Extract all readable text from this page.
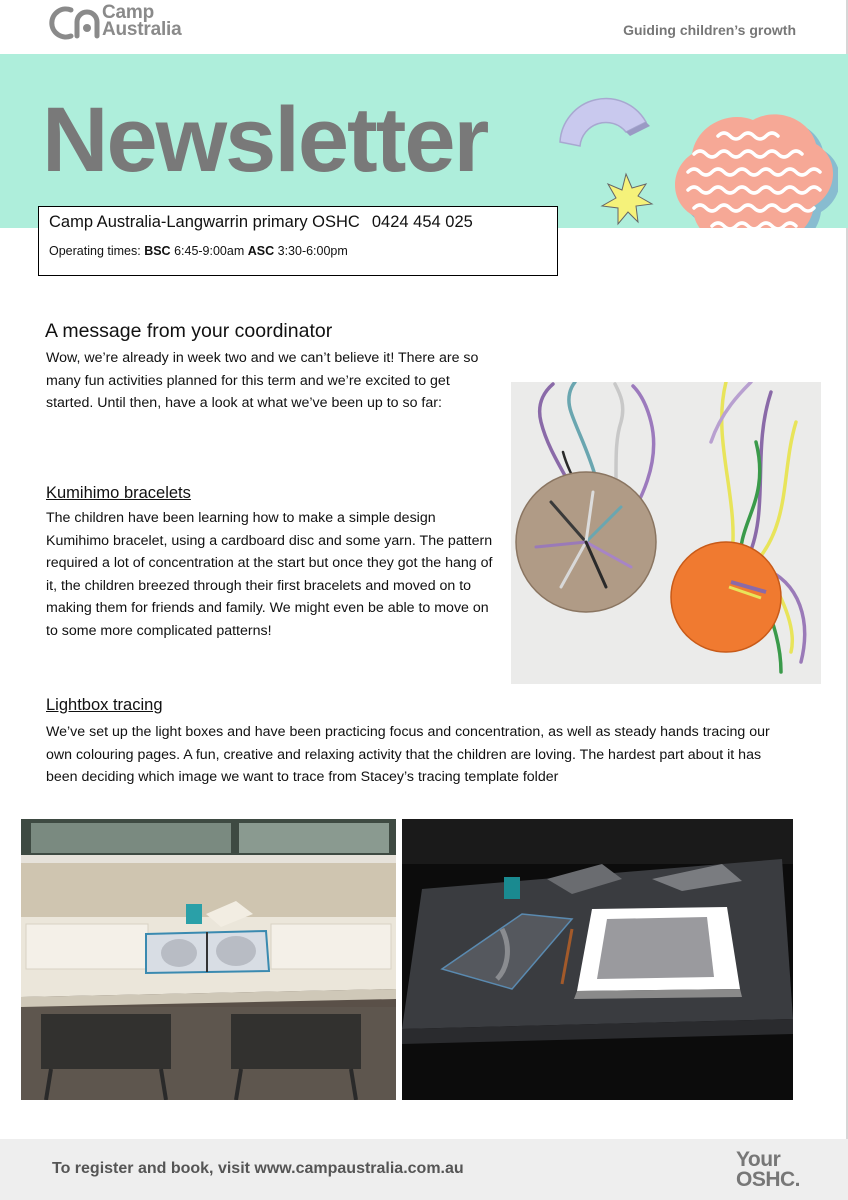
Camp
Australia	Guiding children’s growth
Newsletter
Camp Australia-Langwarrin primary OSHC 0424 454 025
Operating times: BSC 6:45-9:00am ASC 3:30-6:00pm
A message from your coordinator
Wow, we’re already in week two and we can’t believe it! There are so many fun activities planned for this term and we’re excited to get started. Until then, have a look at what we’ve been up to so far:
Kumihimo bracelets
The children have been learning how to make a simple design Kumihimo bracelet, using a cardboard disc and some yarn. The pattern required a lot of concentration at the start but once they got the hang of it, the children breezed through their first bracelets and moved on to making them for friends and family. We might even be able to move on to some more complicated patterns!
Lightbox tracing
We’ve set up the light boxes and have been practicing focus and concentration, as well as steady hands tracing our own colouring pages. A fun, creative and relaxing activity that the children are loving. The hardest part about it has been deciding which image we want to trace from Stacey’s tracing template folder
To register and book, visit www.campaustralia.com.au	Your
OSHC.
